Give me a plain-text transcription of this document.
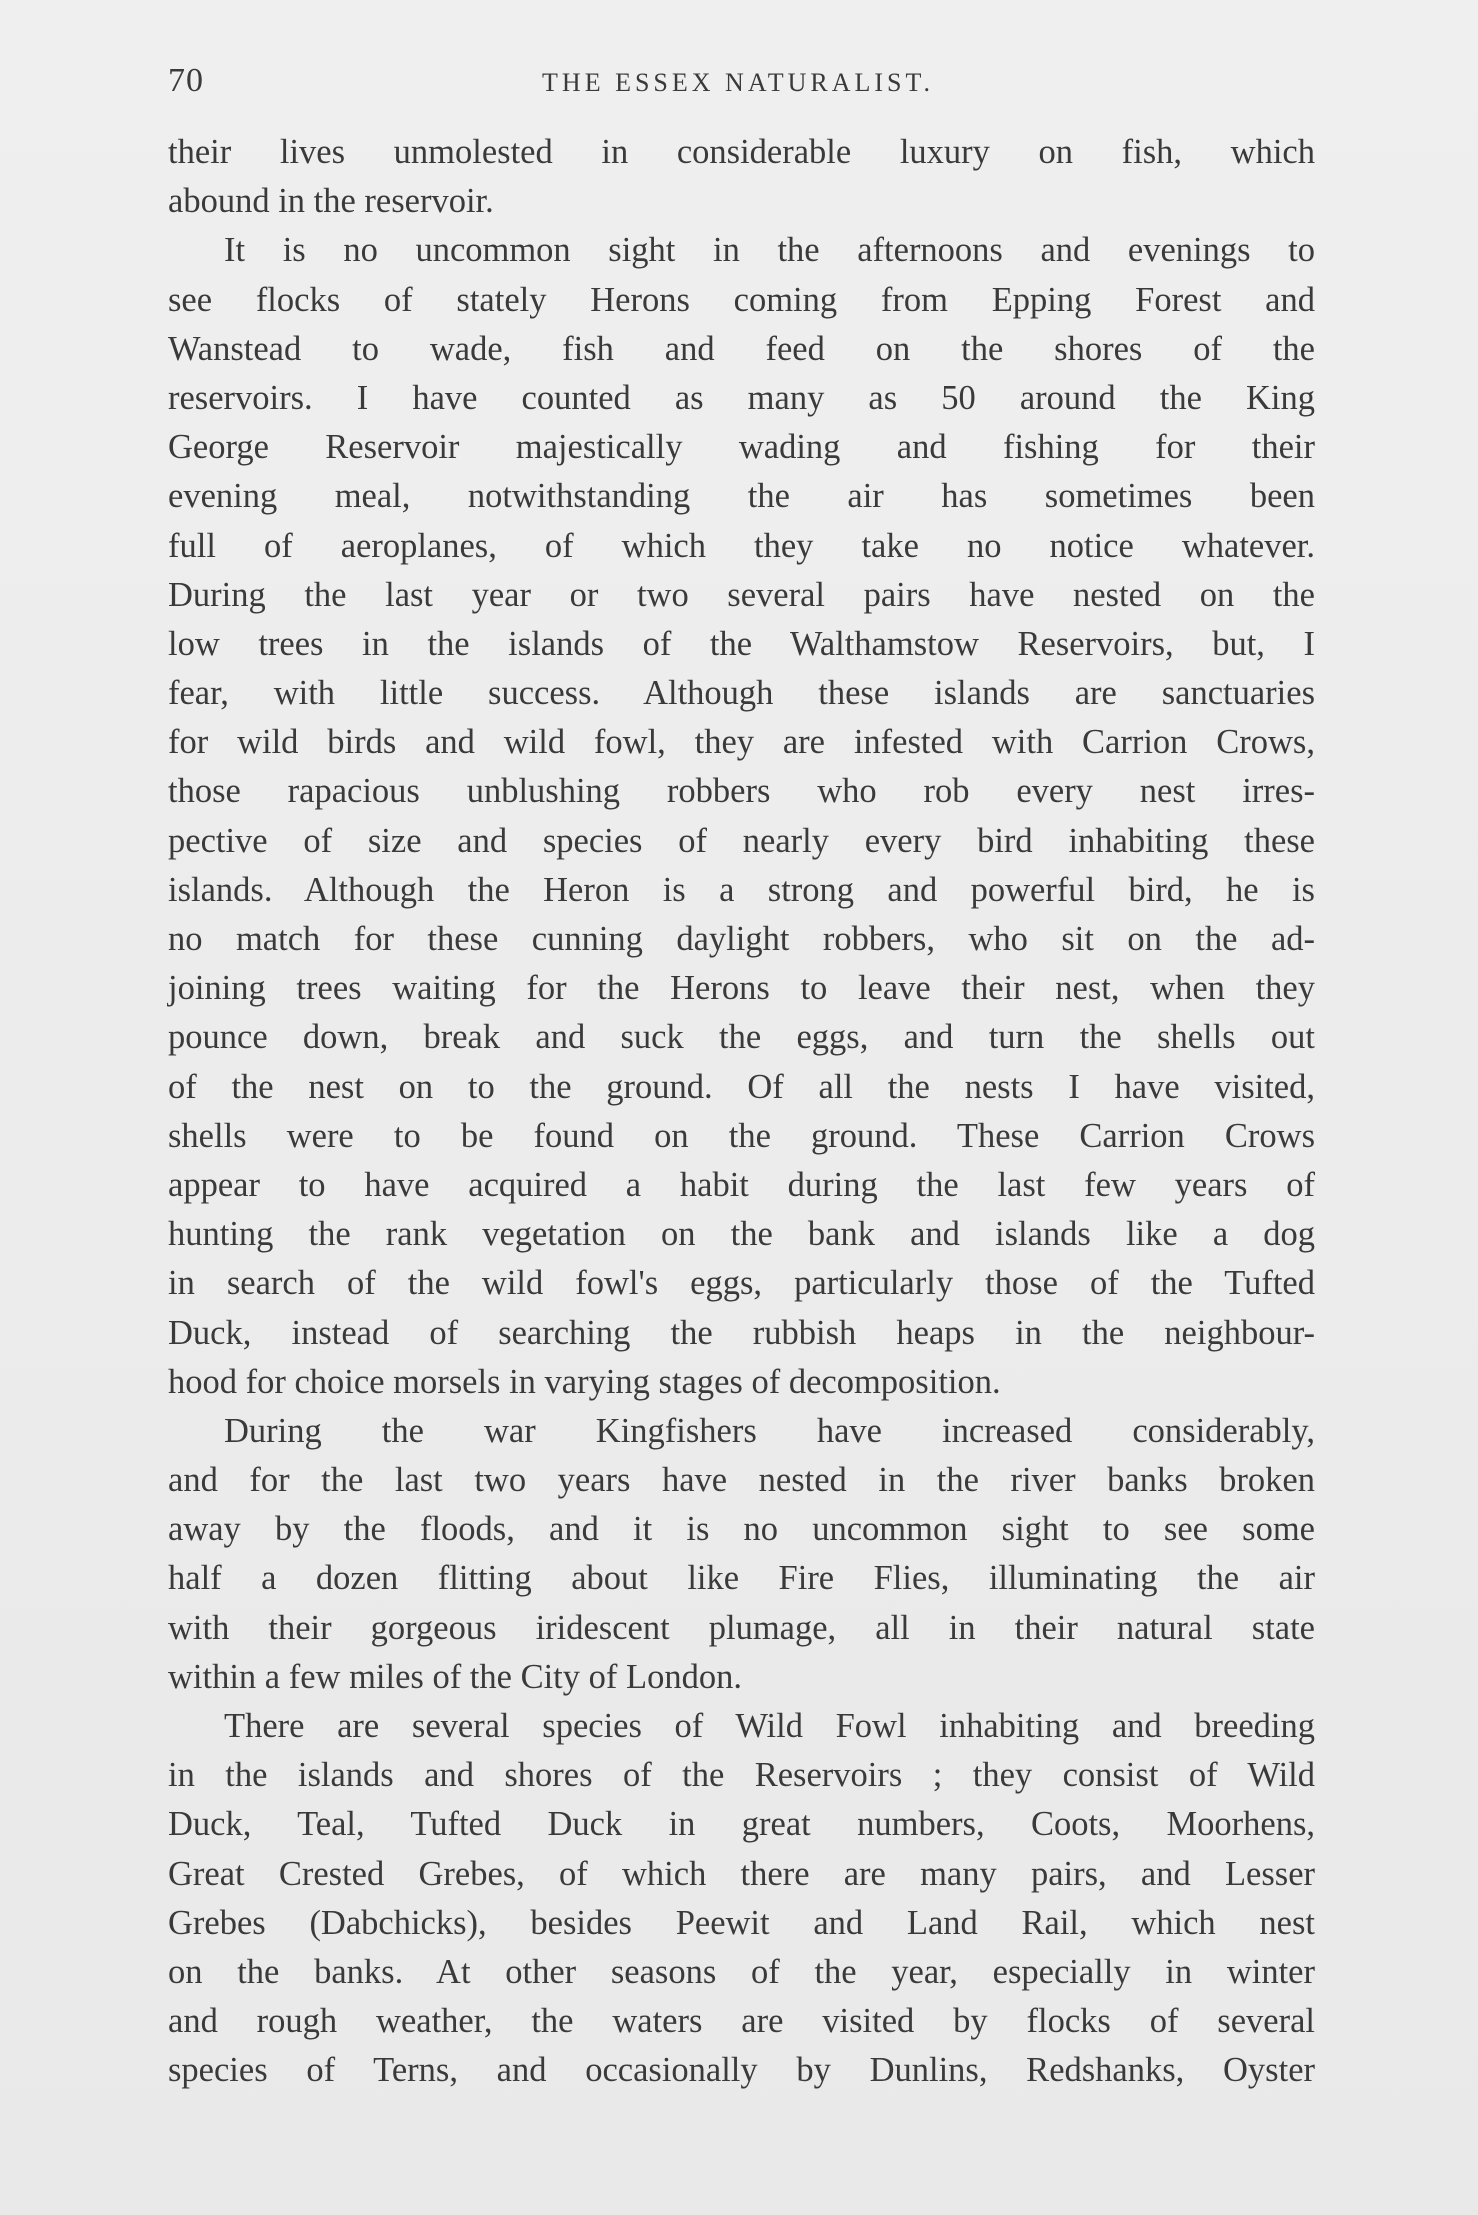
70	THE ESSEX NATURALIST.
their lives unmolested in considerable luxury on fish, which
abound in the reservoir.
It is no uncommon sight in the afternoons and evenings to
see flocks of stately Herons coming from Epping Forest and
Wanstead to wade, fish and feed on the shores of the
reservoirs. I have counted as many as 50 around the King
George Reservoir majestically wading and fishing for their
evening meal, notwithstanding the air has sometimes been
full of aeroplanes, of which they take no notice whatever.
During the last year or two several pairs have nested on the
low trees in the islands of the Walthamstow Reservoirs, but, I
fear, with little success. Although these islands are sanctuaries
for wild birds and wild fowl, they are infested with Carrion Crows,
those rapacious unblushing robbers who rob every nest irres-
pective of size and species of nearly every bird inhabiting these
islands. Although the Heron is a strong and powerful bird, he is
no match for these cunning daylight robbers, who sit on the ad-
joining trees waiting for the Herons to leave their nest, when they
pounce down, break and suck the eggs, and turn the shells out
of the nest on to the ground. Of all the nests I have visited,
shells were to be found on the ground. These Carrion Crows
appear to have acquired a habit during the last few years of
hunting the rank vegetation on the bank and islands like a dog
in search of the wild fowl's eggs, particularly those of the Tufted
Duck, instead of searching the rubbish heaps in the neighbour-
hood for choice morsels in varying stages of decomposition.
During the war Kingfishers have increased considerably,
and for the last two years have nested in the river banks broken
away by the floods, and it is no uncommon sight to see some
half a dozen flitting about like Fire Flies, illuminating the air
with their gorgeous iridescent plumage, all in their natural state
within a few miles of the City of London.
There are several species of Wild Fowl inhabiting and breeding
in the islands and shores of the Reservoirs ; they consist of Wild
Duck, Teal, Tufted Duck in great numbers, Coots, Moorhens,
Great Crested Grebes, of which there are many pairs, and Lesser
Grebes (Dabchicks), besides Peewit and Land Rail, which nest
on the banks. At other seasons of the year, especially in winter
and rough weather, the waters are visited by flocks of several
species of Terns, and occasionally by Dunlins, Redshanks, Oyster
